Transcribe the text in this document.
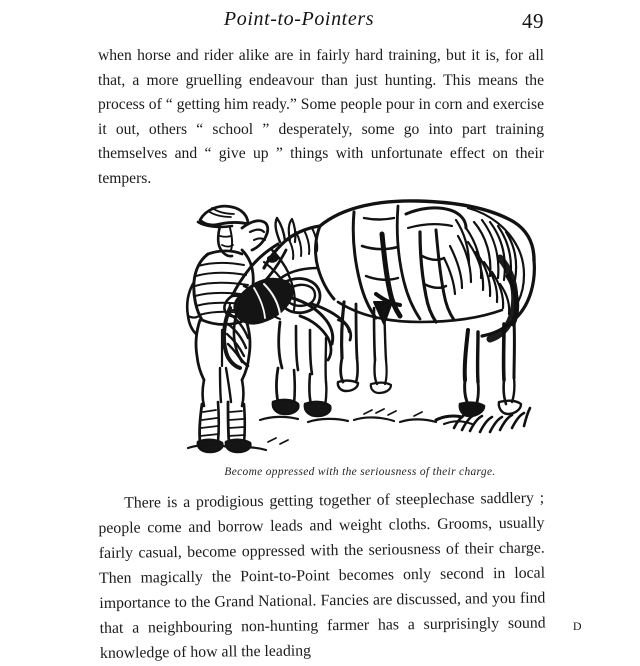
Point-to-Pointers	49

when horse and rider alike are in fairly hard training, but it is, for all that, a more gruelling endeavour than just hunting. This means the process of “ getting him ready.” Some people pour in corn and exercise it out, others “ school ” desperately, some go into part training themselves and “ give up ” things with unfortunate effect on their tempers.

Become oppressed with the seriousness of their charge.

There is a prodigious getting together of steeplechase saddlery ; people come and borrow leads and weight cloths. Grooms, usually fairly casual, become oppressed with the seriousness of their charge. Then magically the Point-to-Point becomes only second in local importance to the Grand National. Fancies are discussed, and you find that a neighbouring non-hunting farmer has a surprisingly sound knowledge of how all the leading

D
